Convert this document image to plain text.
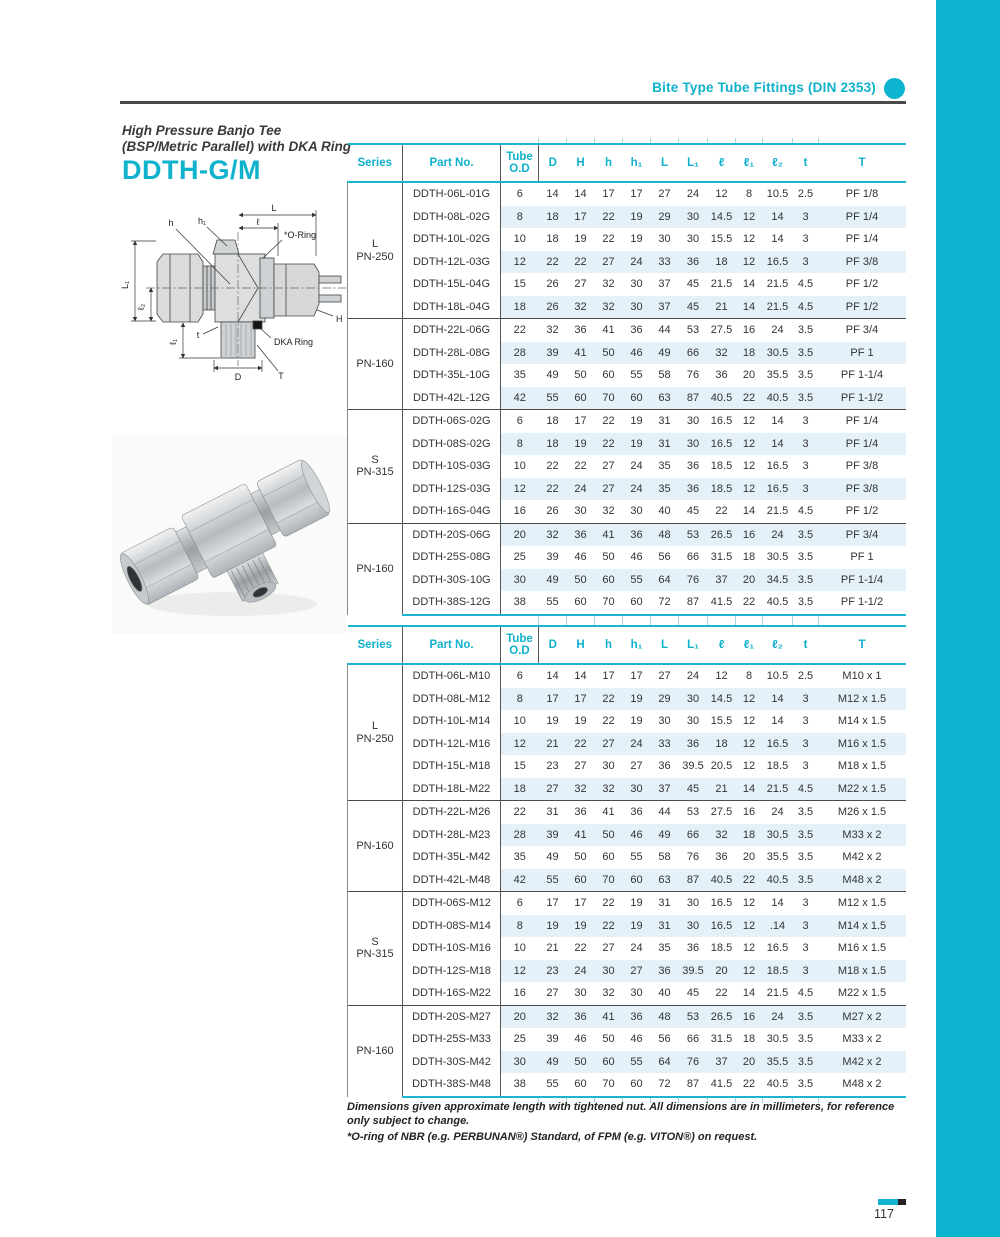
Bite Type Tube Fittings (DIN 2353)
High Pressure Banjo Tee
(BSP/Metric Parallel) with DKA Ring
DDTH-G/M
L
ℓ
h	h₁
*O-Ring
L₁
ℓ₂
ℓ₁
t
D	T
H
DKA Ring
Series	Part No.	Tube O.D	D	H	h	h₁	L	L₁	ℓ	ℓ₁	ℓ₂	t	T

L
PN-250	DDTH-06L-01G	6	14	14	17	17	27	24	12	8	10.5	2.5	PF 1/8
	DDTH-08L-02G	8	18	17	22	19	29	30	14.5	12	14	3	PF 1/4
	DDTH-10L-02G	10	18	19	22	19	30	30	15.5	12	14	3	PF 1/4
	DDTH-12L-03G	12	22	22	27	24	33	36	18	12	16.5	3	PF 3/8
	DDTH-15L-04G	15	26	27	32	30	37	45	21.5	14	21.5	4.5	PF 1/2
	DDTH-18L-04G	18	26	32	32	30	37	45	21	14	21.5	4.5	PF 1/2

PN-160	DDTH-22L-06G	22	32	36	41	36	44	53	27.5	16	24	3.5	PF 3/4
	DDTH-28L-08G	28	39	41	50	46	49	66	32	18	30.5	3.5	PF 1
	DDTH-35L-10G	35	49	50	60	55	58	76	36	20	35.5	3.5	PF 1-1/4
	DDTH-42L-12G	42	55	60	70	60	63	87	40.5	22	40.5	3.5	PF 1-1/2

S
PN-315	DDTH-06S-02G	6	18	17	22	19	31	30	16.5	12	14	3	PF 1/4
	DDTH-08S-02G	8	18	19	22	19	31	30	16.5	12	14	3	PF 1/4
	DDTH-10S-03G	10	22	22	27	24	35	36	18.5	12	16.5	3	PF 3/8
	DDTH-12S-03G	12	22	24	27	24	35	36	18.5	12	16.5	3	PF 3/8
	DDTH-16S-04G	16	26	30	32	30	40	45	22	14	21.5	4.5	PF 1/2

PN-160	DDTH-20S-06G	20	32	36	41	36	48	53	26.5	16	24	3.5	PF 3/4
	DDTH-25S-08G	25	39	46	50	46	56	66	31.5	18	30.5	3.5	PF 1
	DDTH-30S-10G	30	49	50	60	55	64	76	37	20	34.5	3.5	PF 1-1/4
	DDTH-38S-12G	38	55	60	70	60	72	87	41.5	22	40.5	3.5	PF 1-1/2
Series	Part No.	Tube O.D	D	H	h	h₁	L	L₁	ℓ	ℓ₁	ℓ₂	t	T

L
PN-250	DDTH-06L-M10	6	14	14	17	17	27	24	12	8	10.5	2.5	M10 x 1
	DDTH-08L-M12	8	17	17	22	19	29	30	14.5	12	14	3	M12 x 1.5
	DDTH-10L-M14	10	19	19	22	19	30	30	15.5	12	14	3	M14 x 1.5
	DDTH-12L-M16	12	21	22	27	24	33	36	18	12	16.5	3	M16 x 1.5
	DDTH-15L-M18	15	23	27	30	27	36	39.5	20.5	12	18.5	3	M18 x 1.5
	DDTH-18L-M22	18	27	32	32	30	37	45	21	14	21.5	4.5	M22 x 1.5

PN-160	DDTH-22L-M26	22	31	36	41	36	44	53	27.5	16	24	3.5	M26 x 1.5
	DDTH-28L-M23	28	39	41	50	46	49	66	32	18	30.5	3.5	M33 x 2
	DDTH-35L-M42	35	49	50	60	55	58	76	36	20	35.5	3.5	M42 x 2
	DDTH-42L-M48	42	55	60	70	60	63	87	40.5	22	40.5	3.5	M48 x 2

S
PN-315	DDTH-06S-M12	6	17	17	22	19	31	30	16.5	12	14	3	M12 x 1.5
	DDTH-08S-M14	8	19	19	22	19	31	30	16.5	12	.14	3	M14 x 1.5
	DDTH-10S-M16	10	21	22	27	24	35	36	18.5	12	16.5	3	M16 x 1.5
	DDTH-12S-M18	12	23	24	30	27	36	39.5	20	12	18.5	3	M18 x 1.5
	DDTH-16S-M22	16	27	30	32	30	40	45	22	14	21.5	4.5	M22 x 1.5

PN-160	DDTH-20S-M27	20	32	36	41	36	48	53	26.5	16	24	3.5	M27 x 2
	DDTH-25S-M33	25	39	46	50	46	56	66	31.5	18	30.5	3.5	M33 x 2
	DDTH-30S-M42	30	49	50	60	55	64	76	37	20	35.5	3.5	M42 x 2
	DDTH-38S-M48	38	55	60	70	60	72	87	41.5	22	40.5	3.5	M48 x 2

Dimensions given approximate length with tightened nut. All dimensions are in millimeters, for reference only subject to change.

*O-ring of NBR (e.g. PERBUNAN®) Standard, of FPM (e.g. VITON®) on request.

117
